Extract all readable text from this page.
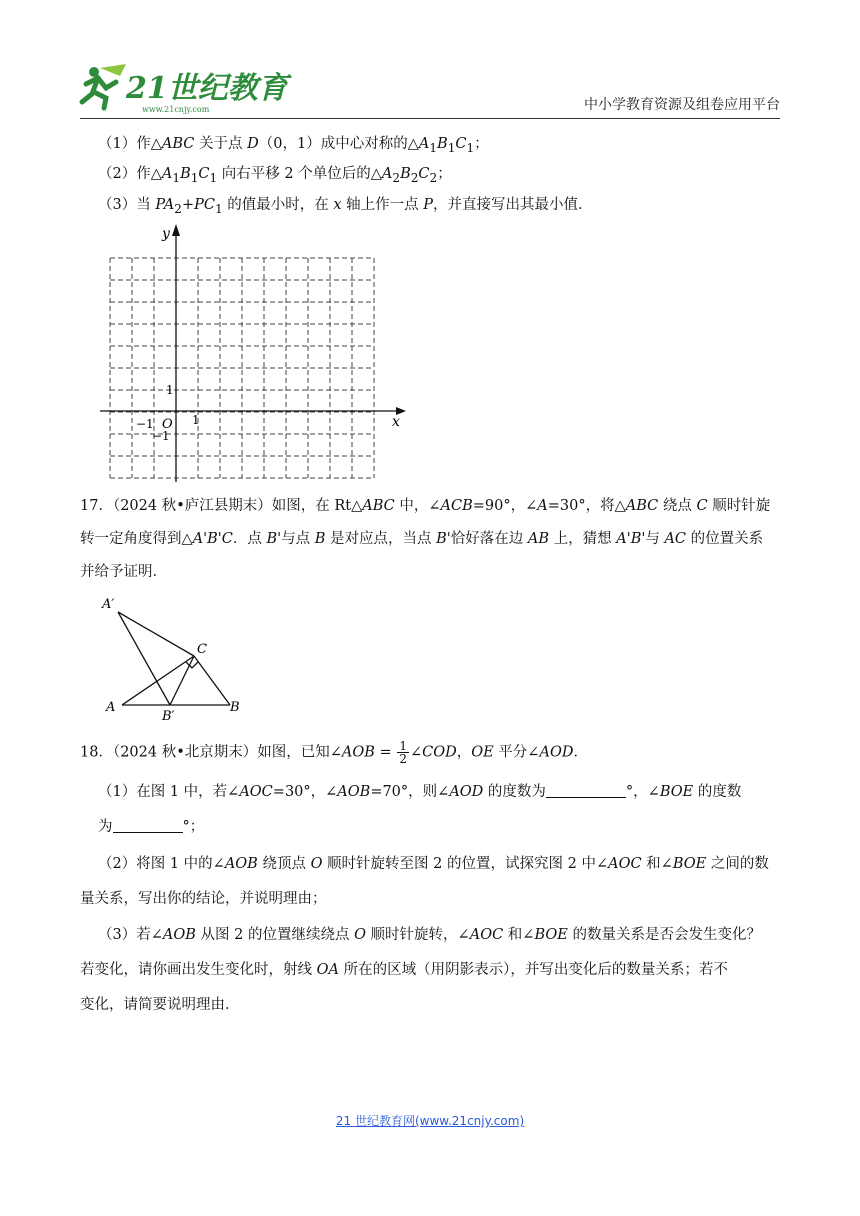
21世纪教育
www.21cnjy.com	中小学教育资源及组卷应用平台
（1）作△ABC 关于点 D（0，1）成中心对称的$\triangle A_1B_1C_1$；
（2）作$\triangle A_1B_1C_1$ 向右平移 2 个单位后的$\triangle A_2B_2C_2$；
（3）当 $PA_2+PC_1$ 的值最小时，在 x 轴上作一点 P，并直接写出其最小值．
y
x
O 1
1
−1
−1
17．（2024 秋•庐江县期末）如图，在 Rt△ABC 中，∠ACB=90°，∠A=30°，将△ABC 绕点 C 顺时针旋
转一定角度得到△A'B'C．点 B'与点 B 是对应点，当点 B'恰好落在边 AB 上，猜想 A'B'与 AC 的位置关系
并给予证明．
A′
C
A
B′
B
18．（2024 秋•北京期末）如图，已知∠AOB = $\frac{1}{2}$ ∠COD，OE 平分∠AOD．
（1）在图 1 中，若∠AOC=30°，∠AOB=70°，则∠AOD 的度数为	°，∠BOE 的度数
为	°；
（2）将图 1 中的∠AOB 绕顶点 O 顺时针旋转至图 2 的位置，试探究图 2 中∠AOC 和∠BOE 之间的数
量关系，写出你的结论，并说明理由；
（3）若∠AOB 从图 2 的位置继续绕点 O 顺时针旋转，∠AOC 和∠BOE 的数量关系是否会发生变化？
若变化，请你画出发生变化时，射线 OA 所在的区域（用阴影表示），并写出变化后的数量关系；若不
变化，请简要说明理由．
21 世纪教育网(www.21cnjy.com)
